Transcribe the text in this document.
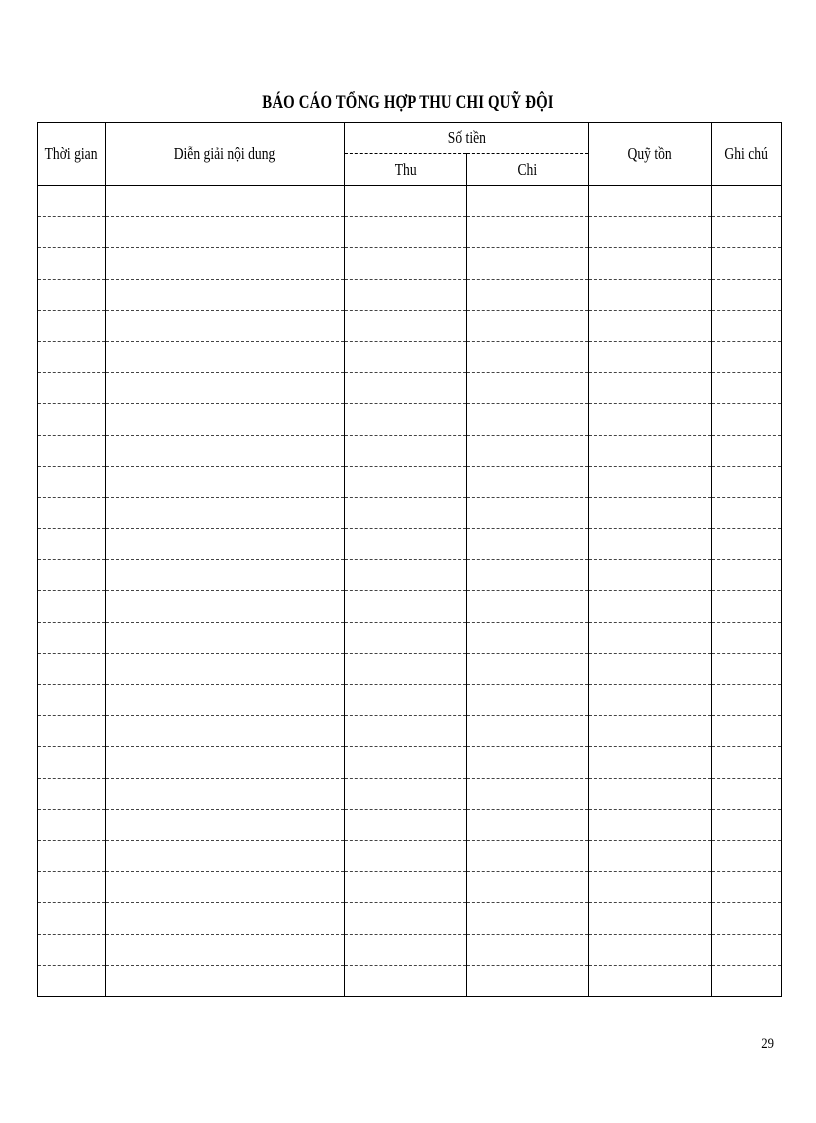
BÁO CÁO TỔNG HỢP THU CHI QUỸ ĐỘI
Thời gian	Diễn giải nội dung	Số tiền		Quỹ tồn	Ghi chú
		Thu	Chi		

29
